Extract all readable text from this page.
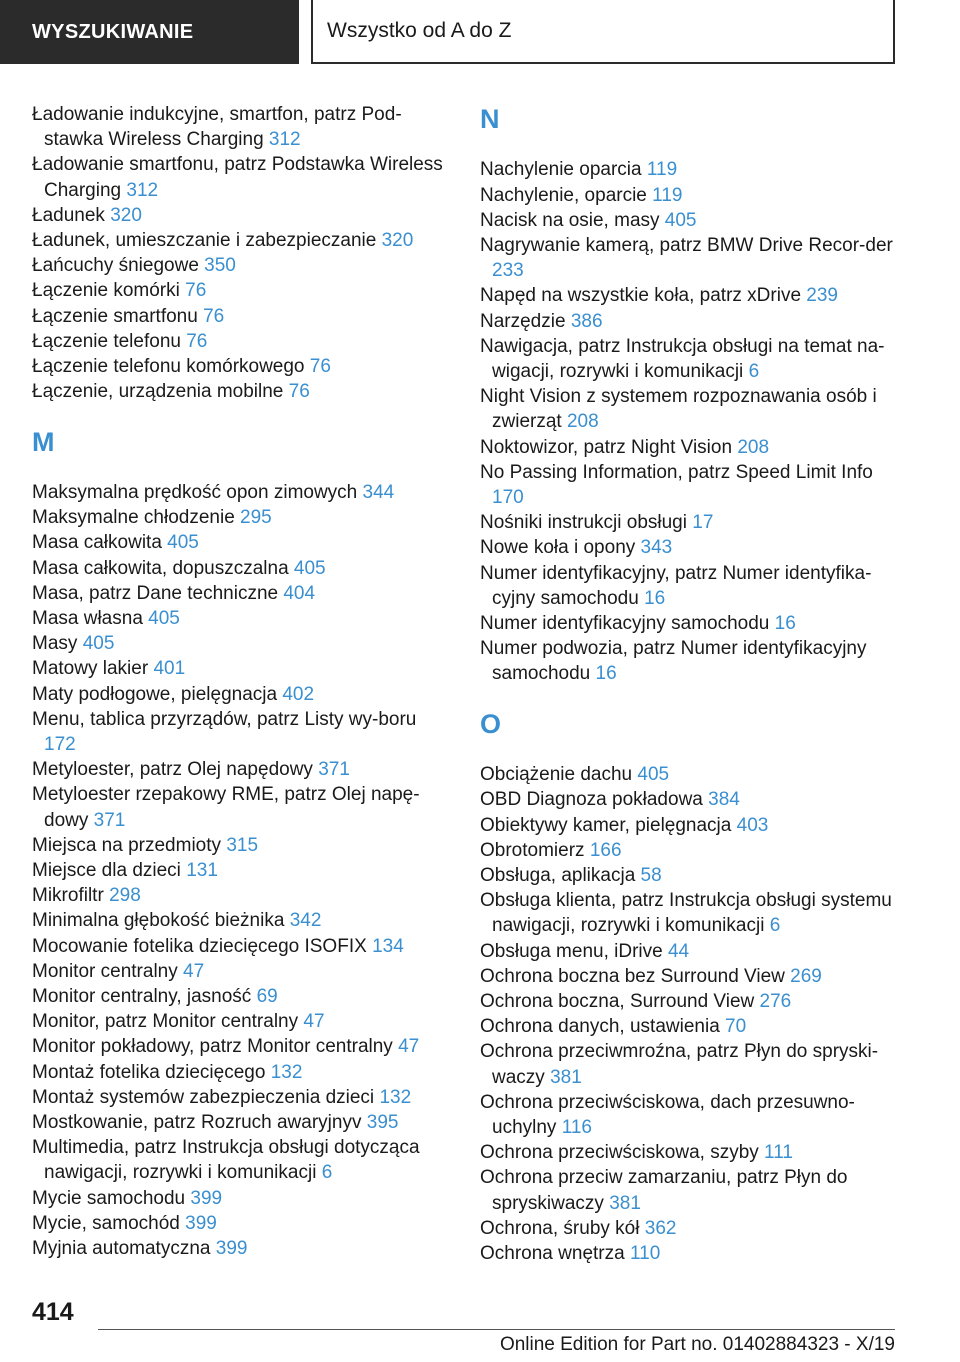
WYSZUKIWANIE	Wszystko od A do Z
Ładowanie indukcyjne, smartfon, patrz Pod‐stawka Wireless Charging 312
Ładowanie smartfonu, patrz Podstawka Wireless Charging 312
Ładunek 320
Ładunek, umieszczanie i zabezpieczanie 320
Łańcuchy śniegowe 350
Łączenie komórki 76
Łączenie smartfonu 76
Łączenie telefonu 76
Łączenie telefonu komórkowego 76
Łączenie, urządzenia mobilne 76
M
Maksymalna prędkość opon zimowych 344
Maksymalne chłodzenie 295
Masa całkowita 405
Masa całkowita, dopuszczalna 405
Masa, patrz Dane techniczne 404
Masa własna 405
Masy 405
Matowy lakier 401
Maty podłogowe, pielęgnacja 402
Menu, tablica przyrządów, patrz Listy wy‐boru 172
Metyloester, patrz Olej napędowy 371
Metyloester rzepakowy RME, patrz Olej napę‐dowy 371
Miejsca na przedmioty 315
Miejsce dla dzieci 131
Mikrofiltr 298
Minimalna głębokość bieżnika 342
Mocowanie fotelika dziecięcego ISOFIX 134
Monitor centralny 47
Monitor centralny, jasność 69
Monitor, patrz Monitor centralny 47
Monitor pokładowy, patrz Monitor centralny 47
Montaż fotelika dziecięcego 132
Montaż systemów zabezpieczenia dzieci 132
Mostkowanie, patrz Rozruch awaryjnyv 395
Multimedia, patrz Instrukcja obsługi dotycząca nawigacji, rozrywki i komunikacji 6
Mycie samochodu 399
Mycie, samochód 399
Myjnia automatyczna 399
N
Nachylenie oparcia 119
Nachylenie, oparcie 119
Nacisk na osie, masy 405
Nagrywanie kamerą, patrz BMW Drive Recor‐der 233
Napęd na wszystkie koła, patrz xDrive 239
Narzędzie 386
Nawigacja, patrz Instrukcja obsługi na temat na‐wigacji, rozrywki i komunikacji 6
Night Vision z systemem rozpoznawania osób i zwierząt 208
Noktowizor, patrz Night Vision 208
No Passing Information, patrz Speed Limit Info 170
Nośniki instrukcji obsługi 17
Nowe koła i opony 343
Numer identyfikacyjny, patrz Numer identyfika‐cyjny samochodu 16
Numer identyfikacyjny samochodu 16
Numer podwozia, patrz Numer identyfikacyjny samochodu 16
O
Obciążenie dachu 405
OBD Diagnoza pokładowa 384
Obiektywy kamer, pielęgnacja 403
Obrotomierz 166
Obsługa, aplikacja 58
Obsługa klienta, patrz Instrukcja obsługi systemu nawigacji, rozrywki i komunikacji 6
Obsługa menu, iDrive 44
Ochrona boczna bez Surround View 269
Ochrona boczna, Surround View 276
Ochrona danych, ustawienia 70
Ochrona przeciwmroźna, patrz Płyn do spryski‐waczy 381
Ochrona przeciwściskowa, dach przesuwno‐uchylny 116
Ochrona przeciwściskowa, szyby 111
Ochrona przeciw zamarzaniu, patrz Płyn do spryskiwaczy 381
Ochrona, śruby kół 362
Ochrona wnętrza 110
414
Online Edition for Part no. 01402884323 - X/19
